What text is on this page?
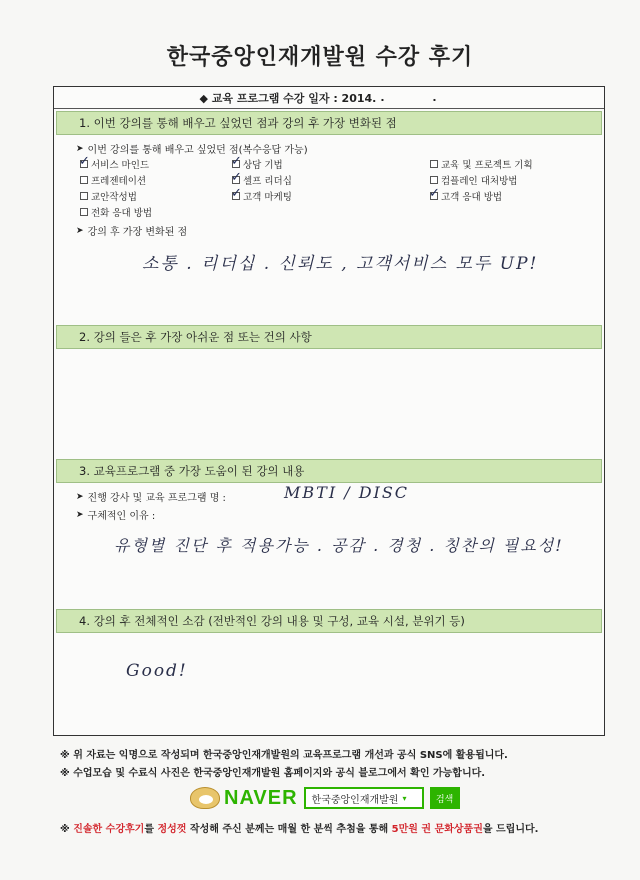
한국중앙인재개발원 수강 후기
◆ 교육 프로그램 수강 일자 : 2014. . .
1. 이번 강의를 통해 배우고 싶었던 점과 강의 후 가장 변화된 점
➤ 이번 강의를 통해 배우고 싶었던 점(복수응답 가능)
✓ 서비스 마인드	✓ 상담 기법	교육 및 프로젝트 기획
프레젠테이션	✓ 셀프 리더십	컴플레인 대처방법
교안작성법	✓ 고객 마케팅	✓ 고객 응대 방법
전화 응대 방법
➤ 강의 후 가장 변화된 점
소통 . 리더십 . 신뢰도 , 고객서비스 모두 UP!
2. 강의 들은 후 가장 아쉬운 점 또는 건의 사항
3. 교육프로그램 중 가장 도움이 된 강의 내용
➤ 진행 강사 및 교육 프로그램 명 :	MBTI / DISC
➤ 구체적인 이유 :
유형별 진단 후 적용가능 . 공감 . 경청 . 칭찬의 필요성!
4. 강의 후 전체적인 소감 (전반적인 강의 내용 및 구성, 교육 시설, 분위기 등)
Good!
※ 위 자료는 익명으로 작성되며 한국중앙인재개발원의 교육프로그램 개선과 공식 SNS에 활용됩니다.
※ 수업모습 및 수료식 사진은 한국중앙인재개발원 홈페이지와 공식 블로그에서 확인 가능합니다.
NAVER 한국중앙인재개발원 ▾	검색
※ 진솔한 수강후기를 정성껏 작성해 주신 분께는 매월 한 분씩 추첨을 통해 5만원 권 문화상품권을 드립니다.
